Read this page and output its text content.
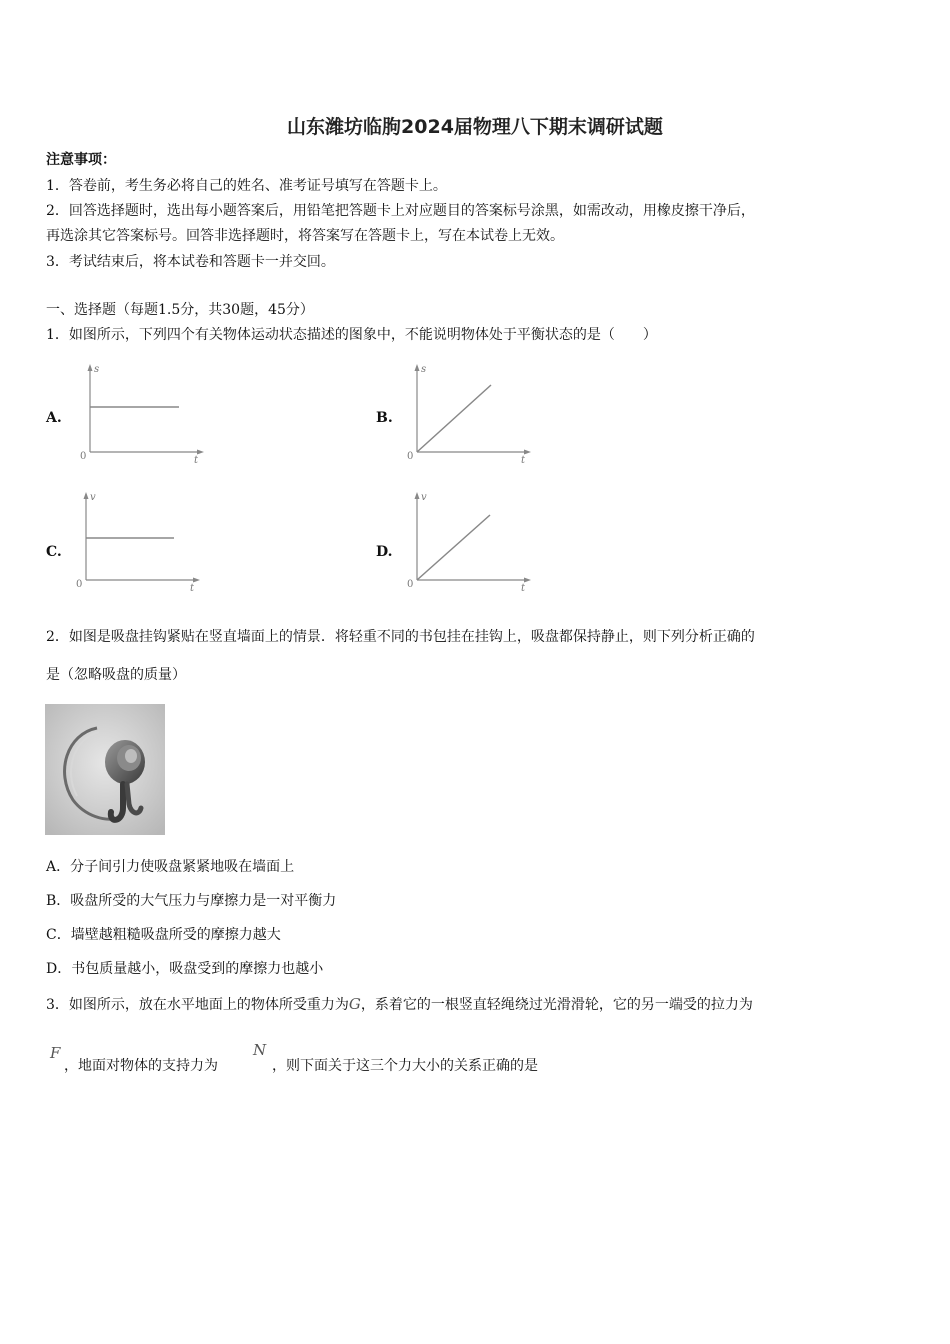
山东潍坊临朐2024届物理八下期末调研试题
注意事项：
1．答卷前，考生务必将自己的姓名、准考证号填写在答题卡上。
2．回答选择题时，选出每小题答案后，用铅笔把答题卡上对应题目的答案标号涂黑，如需改动，用橡皮擦干净后，
再选涂其它答案标号。回答非选择题时，将答案写在答题卡上，写在本试卷上无效。
3．考试结束后，将本试卷和答题卡一并交回。
一、选择题（每题1.5分，共30题，45分）
1．如图所示，下列四个有关物体运动状态描述的图象中，不能说明物体处于平衡状态的是（　　）
A.
s
t
0
B.
s
t
0
C.
v
t
0
D.
v
t
0
2．如图是吸盘挂钩紧贴在竖直墙面上的情景．将轻重不同的书包挂在挂钩上，吸盘都保持静止，则下列分析正确的
是（忽略吸盘的质量）
A．分子间引力使吸盘紧紧地吸在墙面上
B．吸盘所受的大气压力与摩擦力是一对平衡力
C．墙壁越粗糙吸盘所受的摩擦力越大
D．书包质量越小，吸盘受到的摩擦力也越小
3．如图所示，放在水平地面上的物体所受重力为G，系着它的一根竖直轻绳绕过光滑滑轮，它的另一端受的拉力为
F
，地面对物体的支持力为
N
，则下面关于这三个力大小的关系正确的是
